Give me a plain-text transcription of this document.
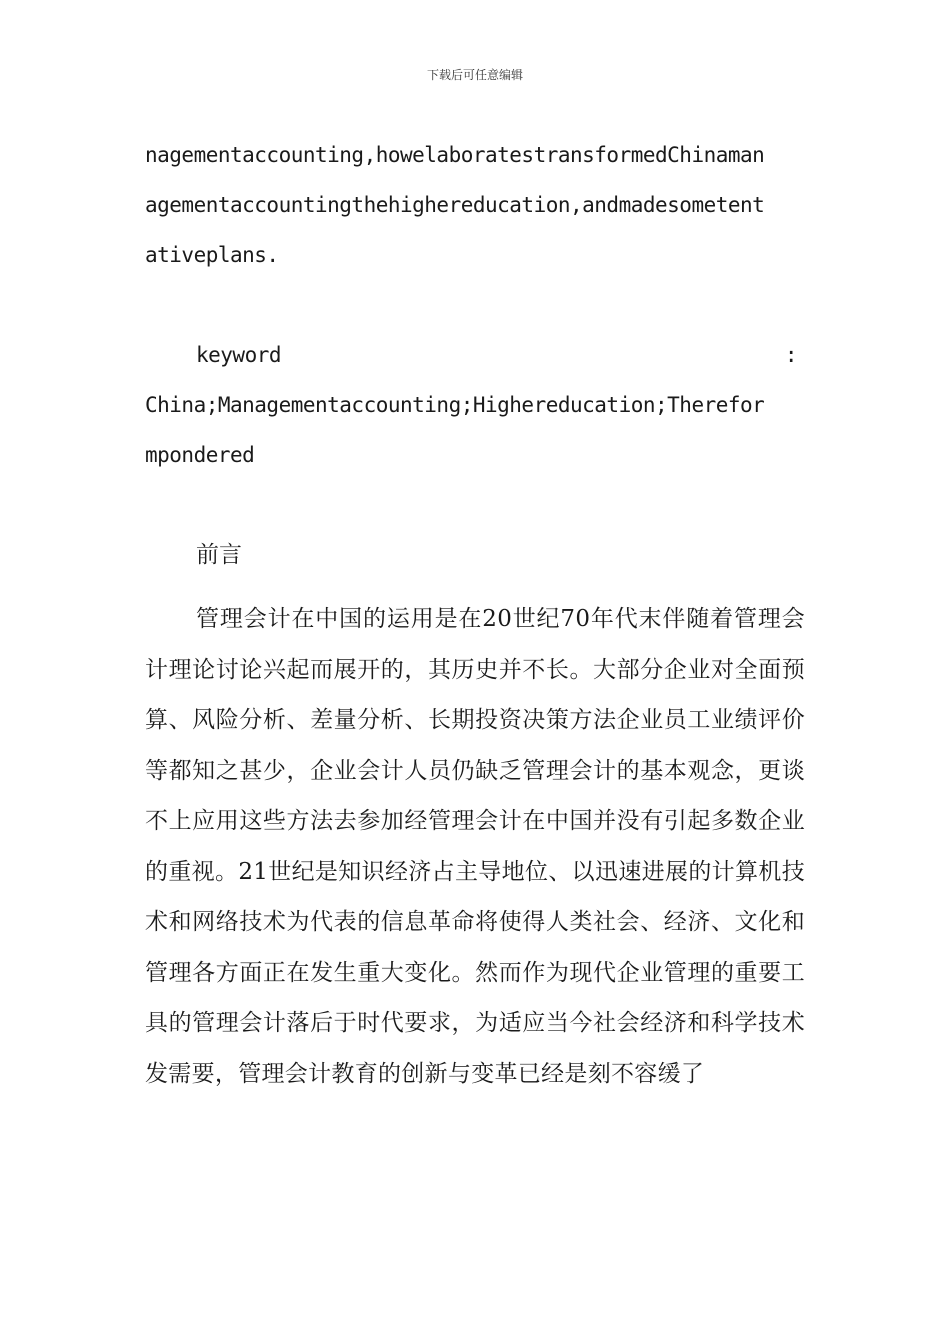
下载后可任意编辑
nagementaccounting,howelaboratestransformedChinaman
agementaccountingthehighereducation,andmadesometent
ativeplans.
keyword	:
China;Managementaccounting;Highereducation;Therefor
mpondered
前言
管理会计在中国的运用是在20世纪70年代末伴随着管理会计理论讨论兴起而展开的，其历史并不长。大部分企业对全面预算、风险分析、差量分析、长期投资决策方法企业员工业绩评价等都知之甚少，企业会计人员仍缺乏管理会计的基本观念，更谈不上应用这些方法去参加经管理会计在中国并没有引起多数企业的重视。21世纪是知识经济占主导地位、以迅速进展的计算机技术和网络技术为代表的信息革命将使得人类社会、经济、文化和管理各方面正在发生重大变化。然而作为现代企业管理的重要工具的管理会计落后于时代要求，为适应当今社会经济和科学技术发需要，管理会计教育的创新与变革已经是刻不容缓了
